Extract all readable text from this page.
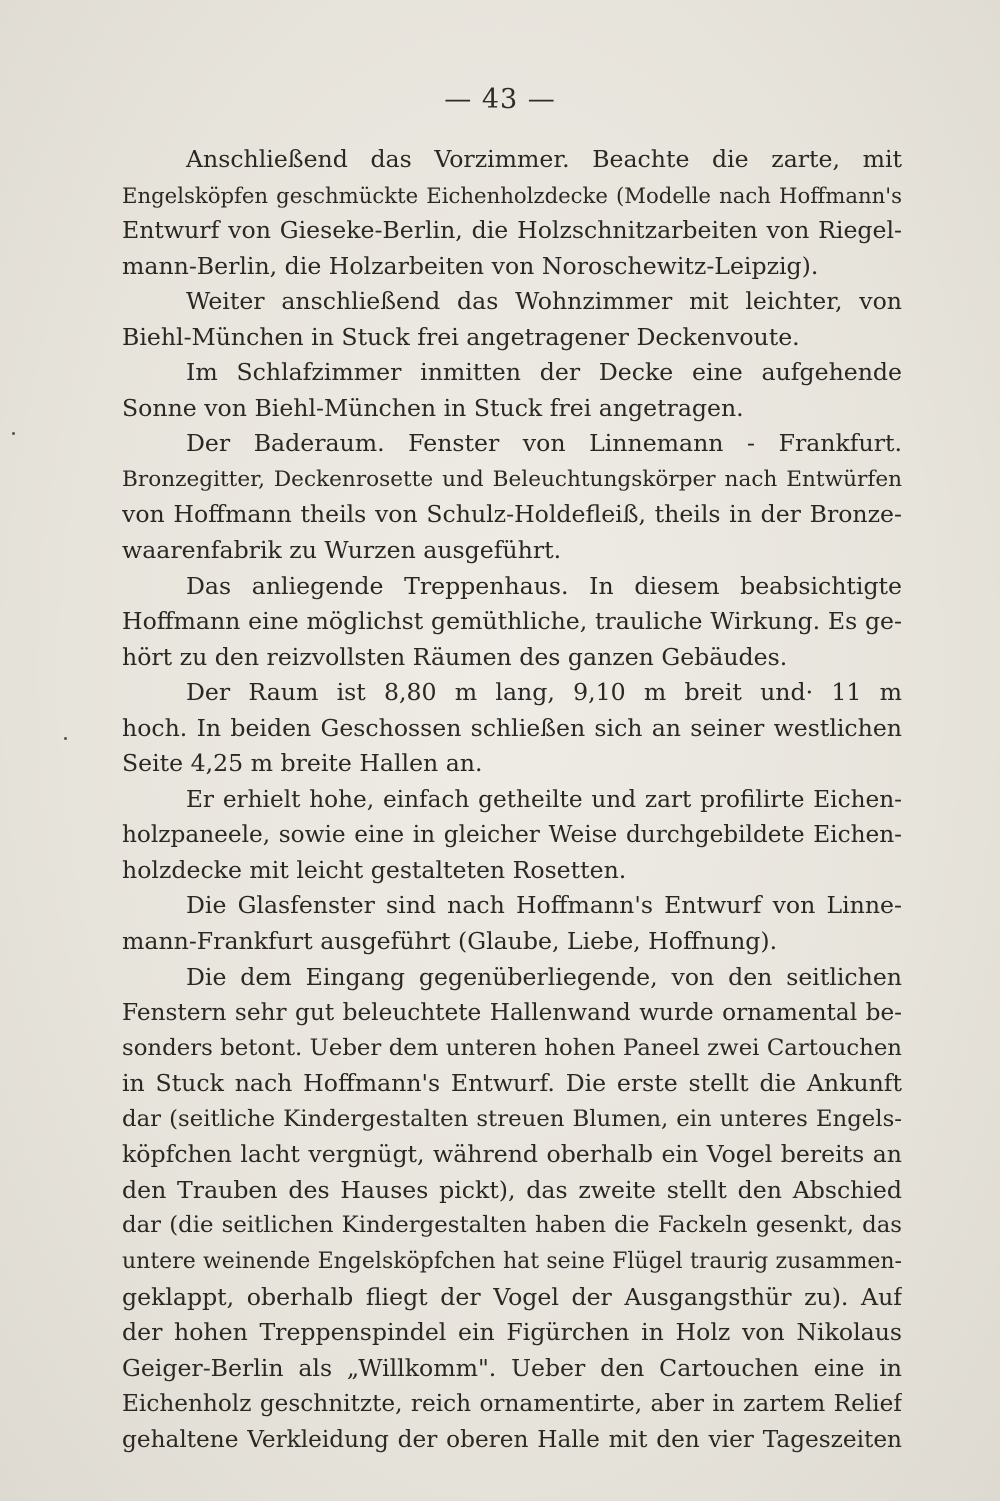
— 43 —
Anschließend das Vorzimmer. Beachte die zarte, mit
Engelsköpfen geschmückte Eichenholzdecke (Modelle nach Hoffmann's
Entwurf von Gieseke-Berlin, die Holzschnitzarbeiten von Riegel-
mann-Berlin, die Holzarbeiten von Noroschewitz-Leipzig).
Weiter anschließend das Wohnzimmer mit leichter, von
Biehl-München in Stuck frei angetragener Deckenvoute.
Im Schlafzimmer inmitten der Decke eine aufgehende
Sonne von Biehl-München in Stuck frei angetragen.
Der Baderaum. Fenster von Linnemann - Frankfurt.
Bronzegitter, Deckenrosette und Beleuchtungskörper nach Entwürfen
von Hoffmann theils von Schulz-Holdefleiß, theils in der Bronze-
waarenfabrik zu Wurzen ausgeführt.
Das anliegende Treppenhaus. In diesem beabsichtigte
Hoffmann eine möglichst gemüthliche, trauliche Wirkung. Es ge-
hört zu den reizvollsten Räumen des ganzen Gebäudes.
Der Raum ist 8,80 m lang, 9,10 m breit und· 11 m
hoch. In beiden Geschossen schließen sich an seiner westlichen
Seite 4,25 m breite Hallen an.
Er erhielt hohe, einfach getheilte und zart profilirte Eichen-
holzpaneele, sowie eine in gleicher Weise durchgebildete Eichen-
holzdecke mit leicht gestalteten Rosetten.
Die Glasfenster sind nach Hoffmann's Entwurf von Linne-
mann-Frankfurt ausgeführt (Glaube, Liebe, Hoffnung).
Die dem Eingang gegenüberliegende, von den seitlichen
Fenstern sehr gut beleuchtete Hallenwand wurde ornamental be-
sonders betont. Ueber dem unteren hohen Paneel zwei Cartouchen
in Stuck nach Hoffmann's Entwurf. Die erste stellt die Ankunft
dar (seitliche Kindergestalten streuen Blumen, ein unteres Engels-
köpfchen lacht vergnügt, während oberhalb ein Vogel bereits an
den Trauben des Hauses pickt), das zweite stellt den Abschied
dar (die seitlichen Kindergestalten haben die Fackeln gesenkt, das
untere weinende Engelsköpfchen hat seine Flügel traurig zusammen-
geklappt, oberhalb fliegt der Vogel der Ausgangsthür zu). Auf
der hohen Treppenspindel ein Figürchen in Holz von Nikolaus
Geiger-Berlin als „Willkomm". Ueber den Cartouchen eine in
Eichenholz geschnitzte, reich ornamentirte, aber in zartem Relief
gehaltene Verkleidung der oberen Halle mit den vier Tageszeiten
